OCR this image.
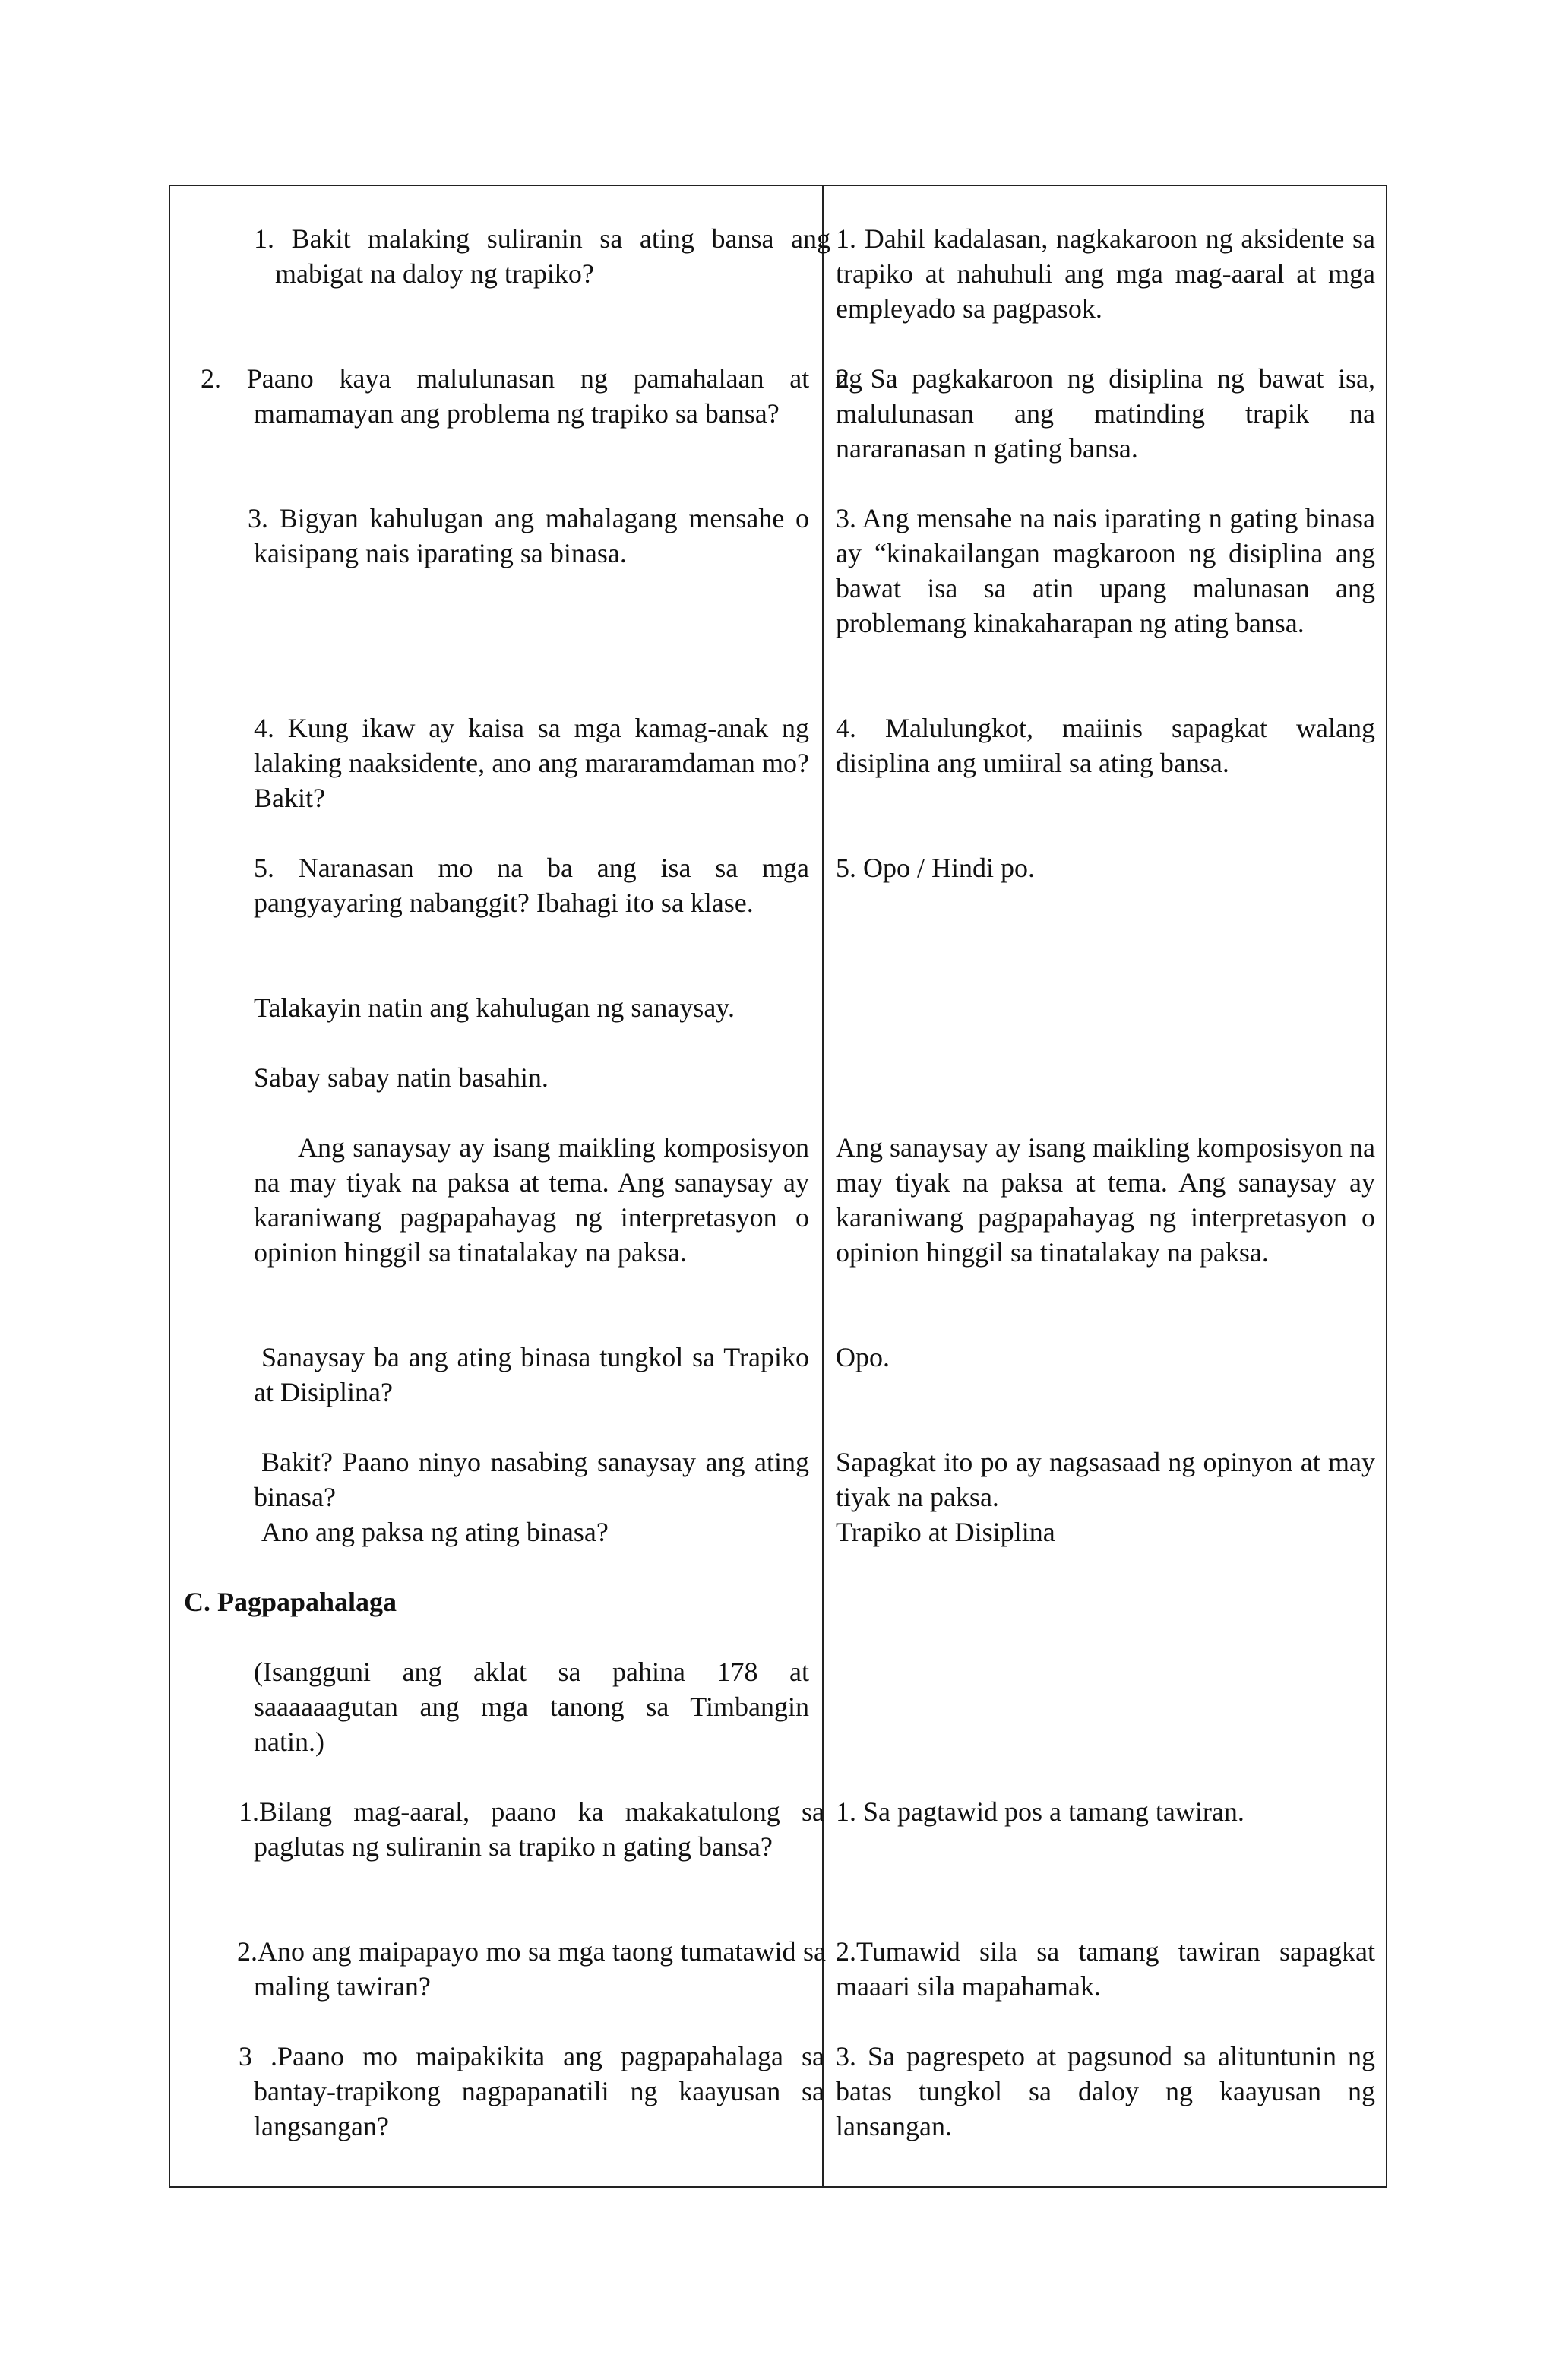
1. Bakit malaking suliranin sa ating bansa ang mabigat na daloy ng trapiko?

2. Paano kaya malulunasan ng pamahalaan at ng mamamayan ang problema ng trapiko sa bansa?

3. Bigyan kahulugan ang mahalagang mensahe o kaisipang nais iparating sa binasa.

4. Kung ikaw ay kaisa sa mga kamag-anak ng lalaking naaksidente, ano ang mararamdaman mo? Bakit?

5. Naranasan mo na ba ang isa sa mga pangyayaring nabanggit? Ibahagi ito sa klase.

Talakayin natin ang kahulugan ng sanaysay.

Sabay sabay natin basahin.

Ang sanaysay ay isang maikling komposisyon na may tiyak na paksa at tema. Ang sanaysay ay karaniwang pagpapahayag ng interpretasyon o opinion hinggil sa tinatalakay na paksa.

Sanaysay ba ang ating binasa tungkol sa Trapiko at Disiplina?

Bakit? Paano ninyo nasabing sanaysay ang ating binasa?

Ano ang paksa ng ating binasa?

C. Pagpapahalaga

(Isangguni ang aklat sa pahina 178 at saaaaaagutan ang mga tanong sa Timbangin natin.)

1.Bilang mag-aaral, paano ka makakatulong sa paglutas ng suliranin sa trapiko n gating bansa?

2.Ano ang maipapayo mo sa mga taong tumatawid sa maling tawiran?

3 .Paano mo maipakikita ang pagpapahalaga sa bantay-trapikong nagpapanatili ng kaayusan sa langsangan?

1. Dahil kadalasan, nagkakaroon ng aksidente sa trapiko at nahuhuli ang mga mag-aaral at mga empleyado sa pagpasok.

2. Sa pagkakaroon ng disiplina ng bawat isa, malulunasan ang matinding trapik na nararanasan n gating bansa.

3. Ang mensahe na nais iparating n gating binasa ay “kinakailangan magkaroon ng disiplina ang bawat isa sa atin upang malunasan ang problemang kinakaharapan ng ating bansa.

4. Malulungkot, maiinis sapagkat walang disiplina ang umiiral sa ating bansa.

5. Opo / Hindi po.

Ang sanaysay ay isang maikling komposisyon na may tiyak na paksa at tema. Ang sanaysay ay karaniwang pagpapahayag ng interpretasyon o opinion hinggil sa tinatalakay na paksa.

Opo.

Sapagkat ito po ay nagsasaad ng opinyon at may tiyak na paksa.

Trapiko at Disiplina

1. Sa pagtawid pos a tamang tawiran.

2.Tumawid sila sa tamang tawiran sapagkat maaari sila mapahamak.

3. Sa pagrespeto at pagsunod sa alituntunin ng batas tungkol sa daloy ng kaayusan ng lansangan.
